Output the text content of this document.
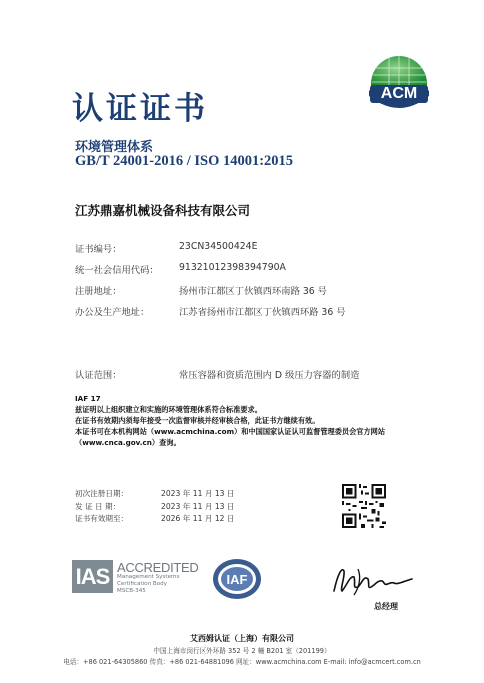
ACM
认证证书
环境管理体系
GB/T 24001-2016 / ISO 14001:2015
江苏鼎嘉机械设备科技有限公司
证书编号：	23CN34500424E
统一社会信用代码： 91321012398394790A
注册地址：	扬州市江都区丁伙镇西环南路 36 号
办公及生产地址：	江苏省扬州市江都区丁伙镇西环路 36 号
认证范围：	常压容器和资质范围内 D 级压力容器的制造
IAF 17
兹证明以上组织建立和实施的环境管理体系符合标准要求。
在证书有效期内须每年接受一次监督审核并经审核合格，此证书方继续有效。
本证书可在本机构网站（www.acmchina.com）和中国国家认证认可监督管理委员会官方网站
（www.cnca.gov.cn）查询。
初次注册日期：	2023 年 11 月 13 日
发 证 日 期：	2023 年 11 月 13 日
证书有效期至：	2026 年 11 月 12 日
IAS ACCREDITED
Management Systems
Certification Body
MSCB-345
IAF
总经理
艾西姆认证（上海）有限公司
中国上海市闵行区外环路 352 号 2 幢 B201 室（201199）
电话：+86 021-64305860 传真：+86 021-64881096 网址：www.acmchina.com E-mail: info@acmcert.com.cn
